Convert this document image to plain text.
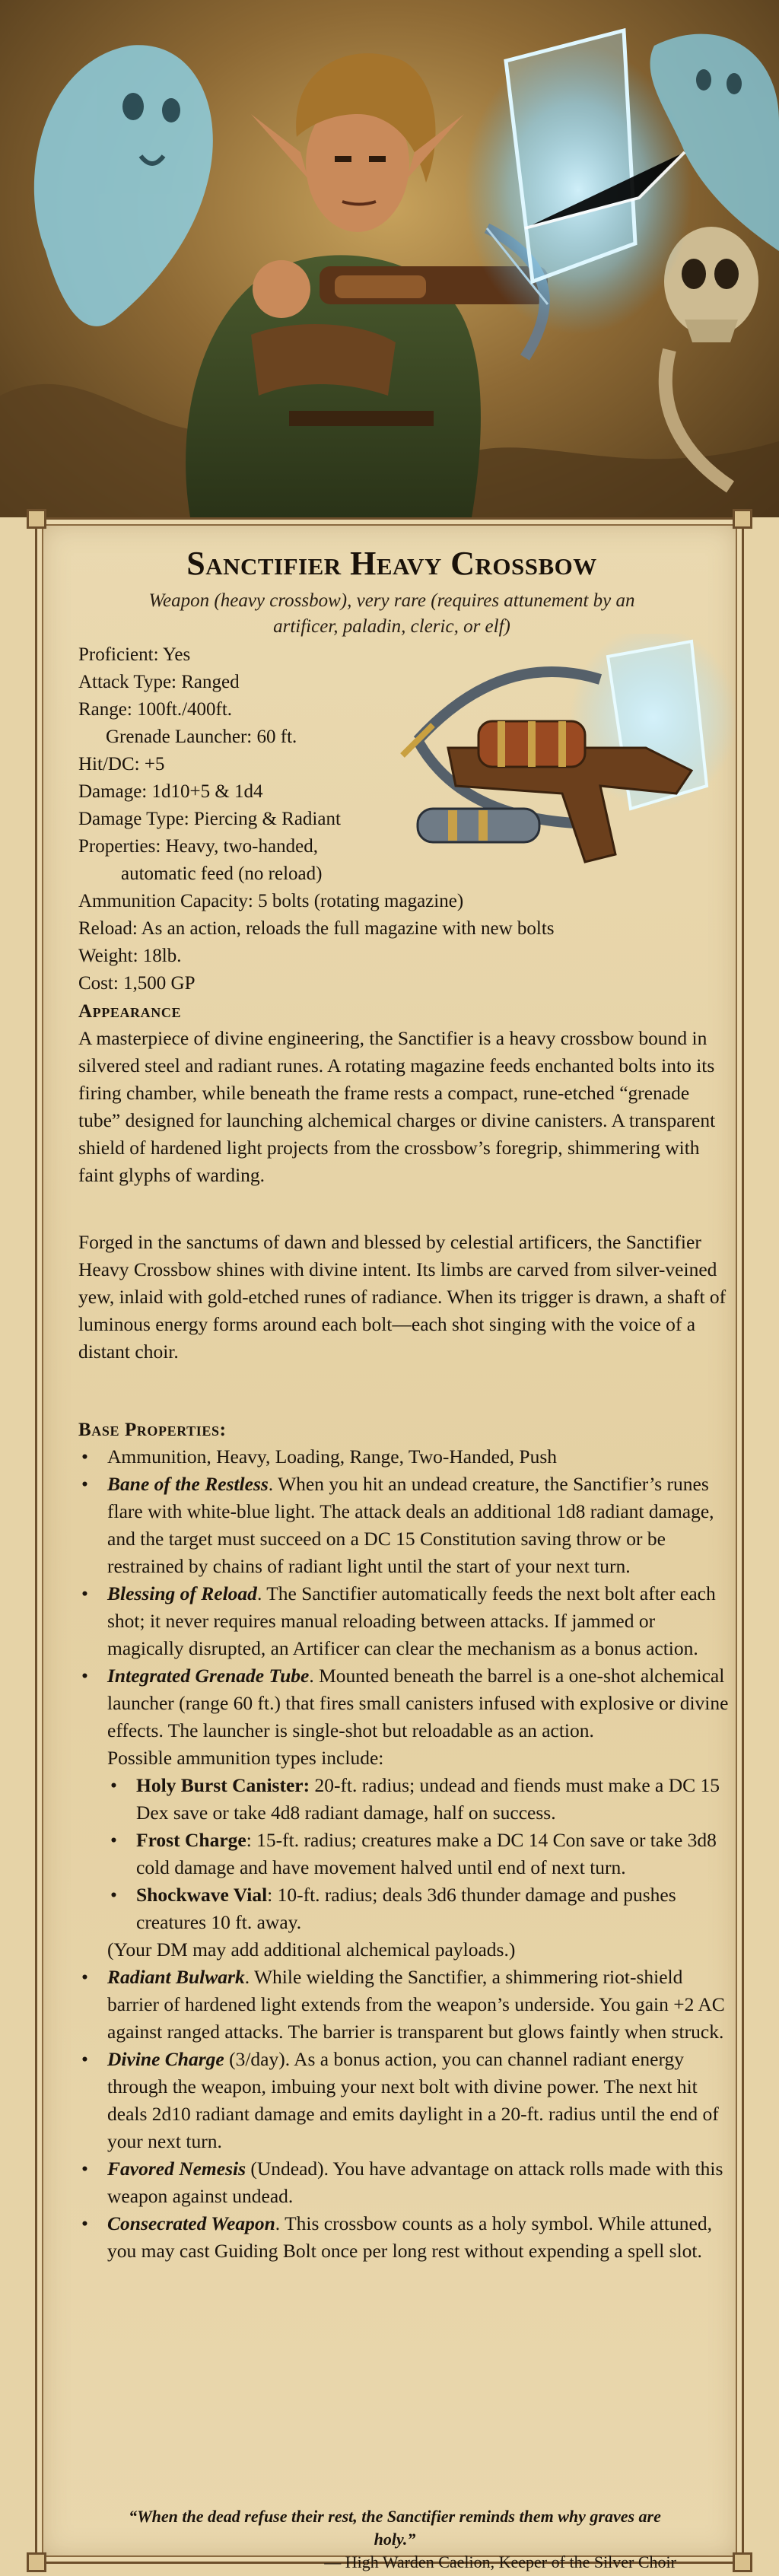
Sanctifier Heavy Crossbow
Weapon (heavy crossbow), very rare (requires attunement by an artificer, paladin, cleric, or elf)
Proficient: Yes
Attack Type: Ranged
Range: 100ft./400ft.
Grenade Launcher: 60 ft.
Hit/DC: +5
Damage: 1d10+5 & 1d4
Damage Type: Piercing & Radiant
Properties: Heavy, two-handed,
automatic feed (no reload)
Ammunition Capacity: 5 bolts (rotating magazine)
Reload: As an action, reloads the full magazine with new bolts
Weight: 18lb.
Cost: 1,500 GP
Appearance
A masterpiece of divine engineering, the Sanctifier is a heavy crossbow bound in silvered steel and radiant runes. A rotating magazine feeds enchanted bolts into its firing chamber, while beneath the frame rests a compact, rune-etched “grenade tube” designed for launching alchemical charges or divine canisters. A transparent shield of hardened light projects from the crossbow’s foregrip, shimmering with faint glyphs of warding.
Forged in the sanctums of dawn and blessed by celestial artificers, the Sanctifier Heavy Crossbow shines with divine intent. Its limbs are carved from silver-veined yew, inlaid with gold-etched runes of radiance. When its trigger is drawn, a shaft of luminous energy forms around each bolt—each shot singing with the voice of a distant choir.
Base Properties:
• Ammunition, Heavy, Loading, Range, Two-Handed, Push
• Bane of the Restless. When you hit an undead creature, the Sanctifier’s runes flare with white-blue light. The attack deals an additional 1d8 radiant damage, and the target must succeed on a DC 15 Constitution saving throw or be restrained by chains of radiant light until the start of your next turn.
• Blessing of Reload. The Sanctifier automatically feeds the next bolt after each shot; it never requires manual reloading between attacks. If jammed or magically disrupted, an Artificer can clear the mechanism as a bonus action.
• Integrated Grenade Tube. Mounted beneath the barrel is a one-shot alchemical launcher (range 60 ft.) that fires small canisters infused with explosive or divine effects. The launcher is single-shot but reloadable as an action.
Possible ammunition types include:
• Holy Burst Canister: 20-ft. radius; undead and fiends must make a DC 15 Dex save or take 4d8 radiant damage, half on success.
• Frost Charge: 15-ft. radius; creatures make a DC 14 Con save or take 3d8 cold damage and have movement halved until end of next turn.
• Shockwave Vial: 10-ft. radius; deals 3d6 thunder damage and pushes creatures 10 ft. away.
(Your DM may add additional alchemical payloads.)
• Radiant Bulwark. While wielding the Sanctifier, a shimmering riot-shield barrier of hardened light extends from the weapon’s underside. You gain +2 AC against ranged attacks. The barrier is transparent but glows faintly when struck.
• Divine Charge (3/day). As a bonus action, you can channel radiant energy through the weapon, imbuing your next bolt with divine power. The next hit deals 2d10 radiant damage and emits daylight in a 20-ft. radius until the end of your next turn.
• Favored Nemesis (Undead). You have advantage on attack rolls made with this weapon against undead.
• Consecrated Weapon. This crossbow counts as a holy symbol. While attuned, you may cast Guiding Bolt once per long rest without expending a spell slot.
“When the dead refuse their rest, the Sanctifier reminds them why graves are holy.”
— High Warden Caelion, Keeper of the Silver Choir
